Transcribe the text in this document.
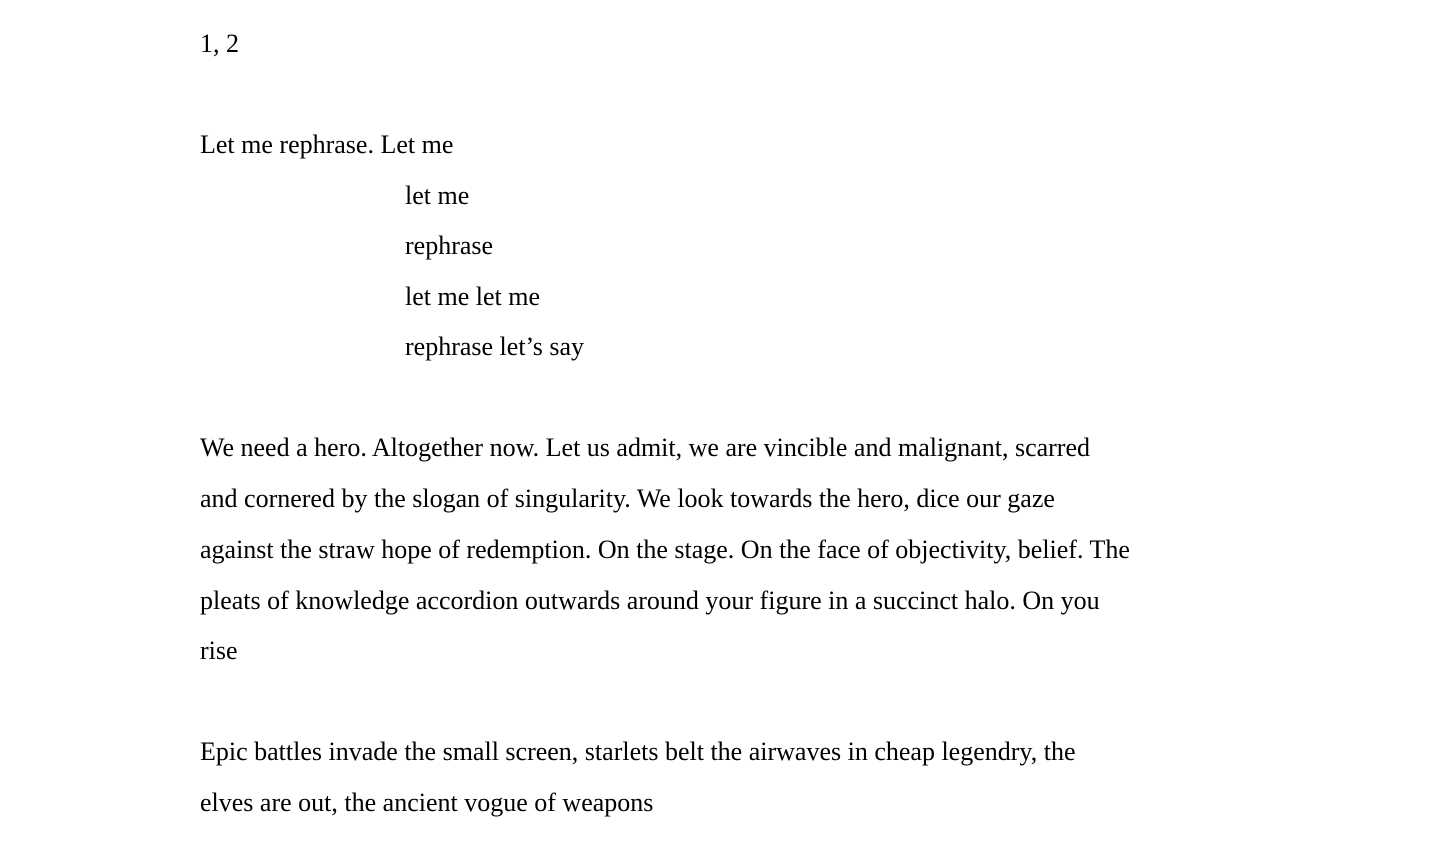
1, 2
Let me rephrase. Let me
let me
rephrase
let me let me
rephrase let’s say
We need a hero. Altogether now. Let us admit, we are vincible and malignant, scarred
and cornered by the slogan of singularity. We look towards the hero, dice our gaze
against the straw hope of redemption. On the stage. On the face of objectivity, belief. The
pleats of knowledge accordion outwards around your figure in a succinct halo. On you
rise
Epic battles invade the small screen, starlets belt the airwaves in cheap legendry, the
elves are out, the ancient vogue of weapons
